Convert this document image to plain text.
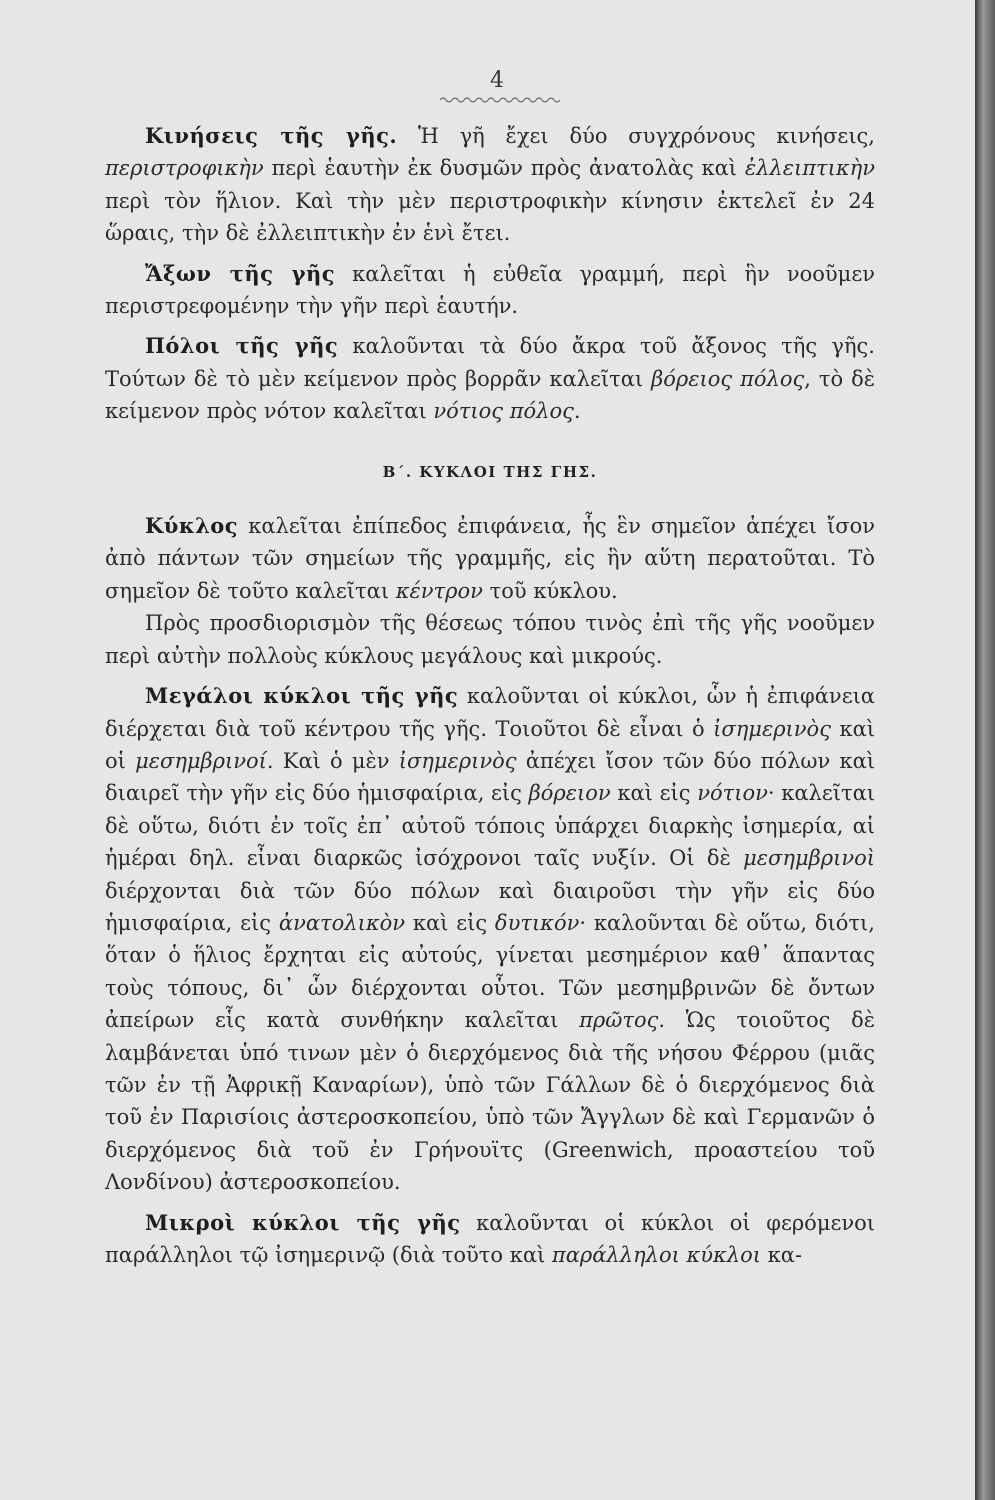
4

Κινήσεις τῆς γῆς. Ἡ γῆ ἔχει δύο συγχρόνους κινήσεις, περιστροφικὴν περὶ ἑαυτὴν ἐκ δυσμῶν πρὸς ἀνατολὰς καὶ ἐλλειπτικὴν περὶ τὸν ἥλιον. Καὶ τὴν μὲν περιστροφικὴν κίνησιν ἐκτελεῖ ἐν 24 ὥραις, τὴν δὲ ἐλλειπτικὴν ἐν ἑνὶ ἔτει.

Ἄξων τῆς γῆς καλεῖται ἡ εὐθεῖα γραμμή, περὶ ἣν νοοῦμεν περιστρεφομένην τὴν γῆν περὶ ἑαυτήν.

Πόλοι τῆς γῆς καλοῦνται τὰ δύο ἄκρα τοῦ ἄξονος τῆς γῆς. Τούτων δὲ τὸ μὲν κείμενον πρὸς βορρᾶν καλεῖται βόρειος πόλος, τὸ δὲ κείμενον πρὸς νότον καλεῖται νότιος πόλος.

Β΄. ΚΥΚΛΟΙ ΤΗΣ ΓΗΣ.

Κύκλος καλεῖται ἐπίπεδος ἐπιφάνεια, ἧς ἓν σημεῖον ἀπέχει ἴσον ἀπὸ πάντων τῶν σημείων τῆς γραμμῆς, εἰς ἣν αὕτη περατοῦται. Τὸ σημεῖον δὲ τοῦτο καλεῖται κέντρον τοῦ κύκλου.

Πρὸς προσδιορισμὸν τῆς θέσεως τόπου τινὸς ἐπὶ τῆς γῆς νοοῦμεν περὶ αὐτὴν πολλοὺς κύκλους μεγάλους καὶ μικρούς.

Μεγάλοι κύκλοι τῆς γῆς καλοῦνται οἱ κύκλοι, ὧν ἡ ἐπιφάνεια διέρχεται διὰ τοῦ κέντρου τῆς γῆς. Τοιοῦτοι δὲ εἶναι ὁ ἰσημερινὸς καὶ οἱ μεσημβρινοί. Καὶ ὁ μὲν ἰσημερινὸς ἀπέχει ἴσον τῶν δύο πόλων καὶ διαιρεῖ τὴν γῆν εἰς δύο ἡμισφαίρια, εἰς βόρειον καὶ εἰς νότιον· καλεῖται δὲ οὕτω, διότι ἐν τοῖς ἐπ᾿ αὐτοῦ τόποις ὑπάρχει διαρκὴς ἰσημερία, αἱ ἡμέραι δηλ. εἶναι διαρκῶς ἰσόχρονοι ταῖς νυξίν. Οἱ δὲ μεσημβρινοὶ διέρχονται διὰ τῶν δύο πόλων καὶ διαιροῦσι τὴν γῆν εἰς δύο ἡμισφαίρια, εἰς ἀνατολικὸν καὶ εἰς δυτικόν· καλοῦνται δὲ οὕτω, διότι, ὅταν ὁ ἥλιος ἔρχηται εἰς αὐτούς, γίνεται μεσημέριον καθ᾿ ἅπαντας τοὺς τόπους, δι᾿ ὧν διέρχονται οὗτοι. Τῶν μεσημβρινῶν δὲ ὄντων ἀπείρων εἷς κατὰ συνθήκην καλεῖται πρῶτος. Ὡς τοιοῦτος δὲ λαμβάνεται ὑπό τινων μὲν ὁ διερχόμενος διὰ τῆς νήσου Φέρρου (μιᾶς τῶν ἐν τῇ Ἀφρικῇ Καναρίων), ὑπὸ τῶν Γάλλων δὲ ὁ διερχόμενος διὰ τοῦ ἐν Παρισίοις ἀστεροσκοπείου, ὑπὸ τῶν Ἄγγλων δὲ καὶ Γερμανῶν ὁ διερχόμενος διὰ τοῦ ἐν Γρήνουϊτς (Greenwich, προαστείου τοῦ Λονδίνου) ἀστεροσκοπείου.

Μικροὶ κύκλοι τῆς γῆς καλοῦνται οἱ κύκλοι οἱ φερόμενοι παράλληλοι τῷ ἰσημερινῷ (διὰ τοῦτο καὶ παράλληλοι κύκλοι κα-
